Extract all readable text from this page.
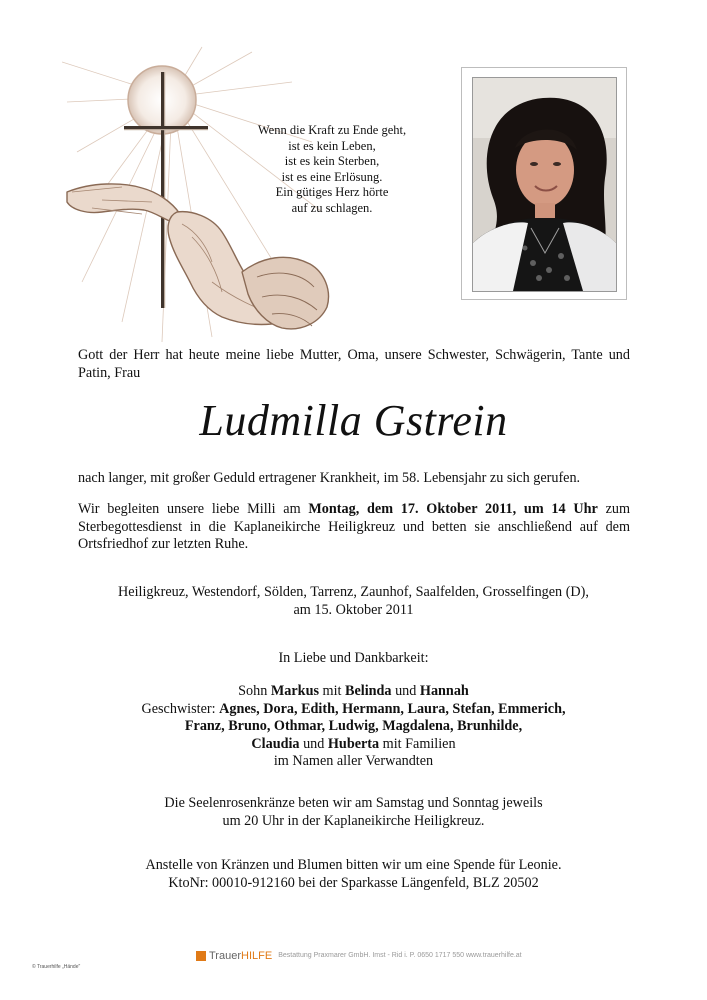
Wenn die Kraft zu Ende geht,
ist es kein Leben,
ist es kein Sterben,
ist es eine Erlösung.
Ein gütiges Herz hörte
auf zu schlagen.
Gott der Herr hat heute meine liebe Mutter, Oma, unsere Schwester, Schwägerin, Tante und Patin, Frau
Ludmilla Gstrein
nach langer, mit großer Geduld ertragener Krankheit, im 58. Lebensjahr zu sich gerufen.
Wir begleiten unsere liebe Milli am Montag, dem 17. Oktober 2011, um 14 Uhr zum Sterbegottesdienst in die Kaplaneikirche Heiligkreuz und betten sie anschließend auf dem Ortsfriedhof zur letzten Ruhe.
Heiligkreuz, Westendorf, Sölden, Tarrenz, Zaunhof, Saalfelden, Grosselfingen (D),
am 15. Oktober 2011
In Liebe und Dankbarkeit:
Sohn Markus mit Belinda und Hannah
Geschwister: Agnes, Dora, Edith, Hermann, Laura, Stefan, Emmerich,
Franz, Bruno, Othmar, Ludwig, Magdalena, Brunhilde,
Claudia und Huberta mit Familien
im Namen aller Verwandten
Die Seelenrosenkränze beten wir am Samstag und Sonntag jeweils
um 20 Uhr in der Kaplaneikirche Heiligkreuz.
Anstelle von Kränzen und Blumen bitten wir um eine Spende für Leonie.
KtoNr: 00010-912160 bei der Sparkasse Längenfeld, BLZ 20502
TrauerHILFE Bestattung Praxmarer GmbH. Imst - Rid i. P. 0650 1717 550 www.trauerhilfe.at
© Trauerhilfe „Hände"
